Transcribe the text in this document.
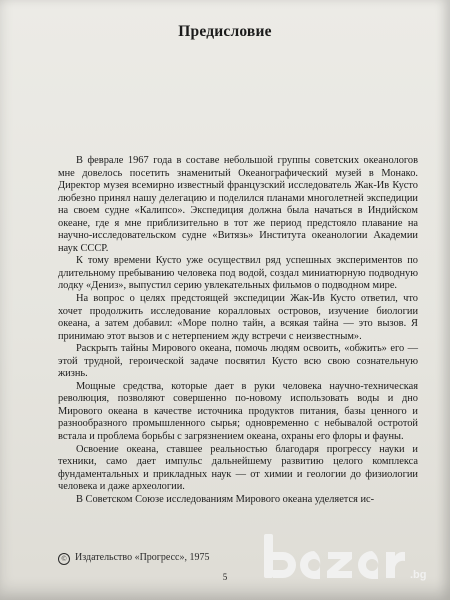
Предисловие

В феврале 1967 года в составе небольшой группы советских океанологов мне довелось посетить знаменитый Океанографический музей в Монако. Директор музея всемирно известный французский исследователь Жак-Ив Кусто любезно принял нашу делегацию и поделился планами многолетней экспедиции на своем судне «Калипсо». Экспедиция должна была начаться в Индийском океане, где я мне приблизительно в тот же период предстояло плавание на научно-исследовательском судне «Витязь» Института океанологии Академии наук СССР.

К тому времени Кусто уже осуществил ряд успешных экспериментов по длительному пребыванию человека под водой, создал миниатюрную подводную лодку «Дениз», выпустил серию увлекательных фильмов о подводном мире.

На вопрос о целях предстоящей экспедиции Жак-Ив Кусто ответил, что хочет продолжить исследование коралловых островов, изучение биологии океана, а затем добавил: «Море полно тайн, а всякая тайна — это вызов. Я принимаю этот вызов и с нетерпением жду встречи с неизвестным».

Раскрыть тайны Мирового океана, помочь людям освоить, «обжить» его — этой трудной, героической задаче посвятил Кусто всю свою сознательную жизнь.

Мощные средства, которые дает в руки человека научно-техническая революция, позволяют совершенно по-новому использовать воды и дно Мирового океана в качестве источника продуктов питания, базы ценного и разнообразного промышленного сырья; одновременно с небывалой остротой встала и проблема борьбы с загрязнением океана, охраны его флоры и фауны.

Освоение океана, ставшее реальностью благодаря прогрессу науки и техники, само дает импульс дальнейшему развитию целого комплекса фундаментальных и прикладных наук — от химии и геологии до физиологии человека и даже археологии.

В Советском Союзе исследованиям Мирового океана уделяется ис-

© Издательство «Прогресс», 1975
5	.bg
